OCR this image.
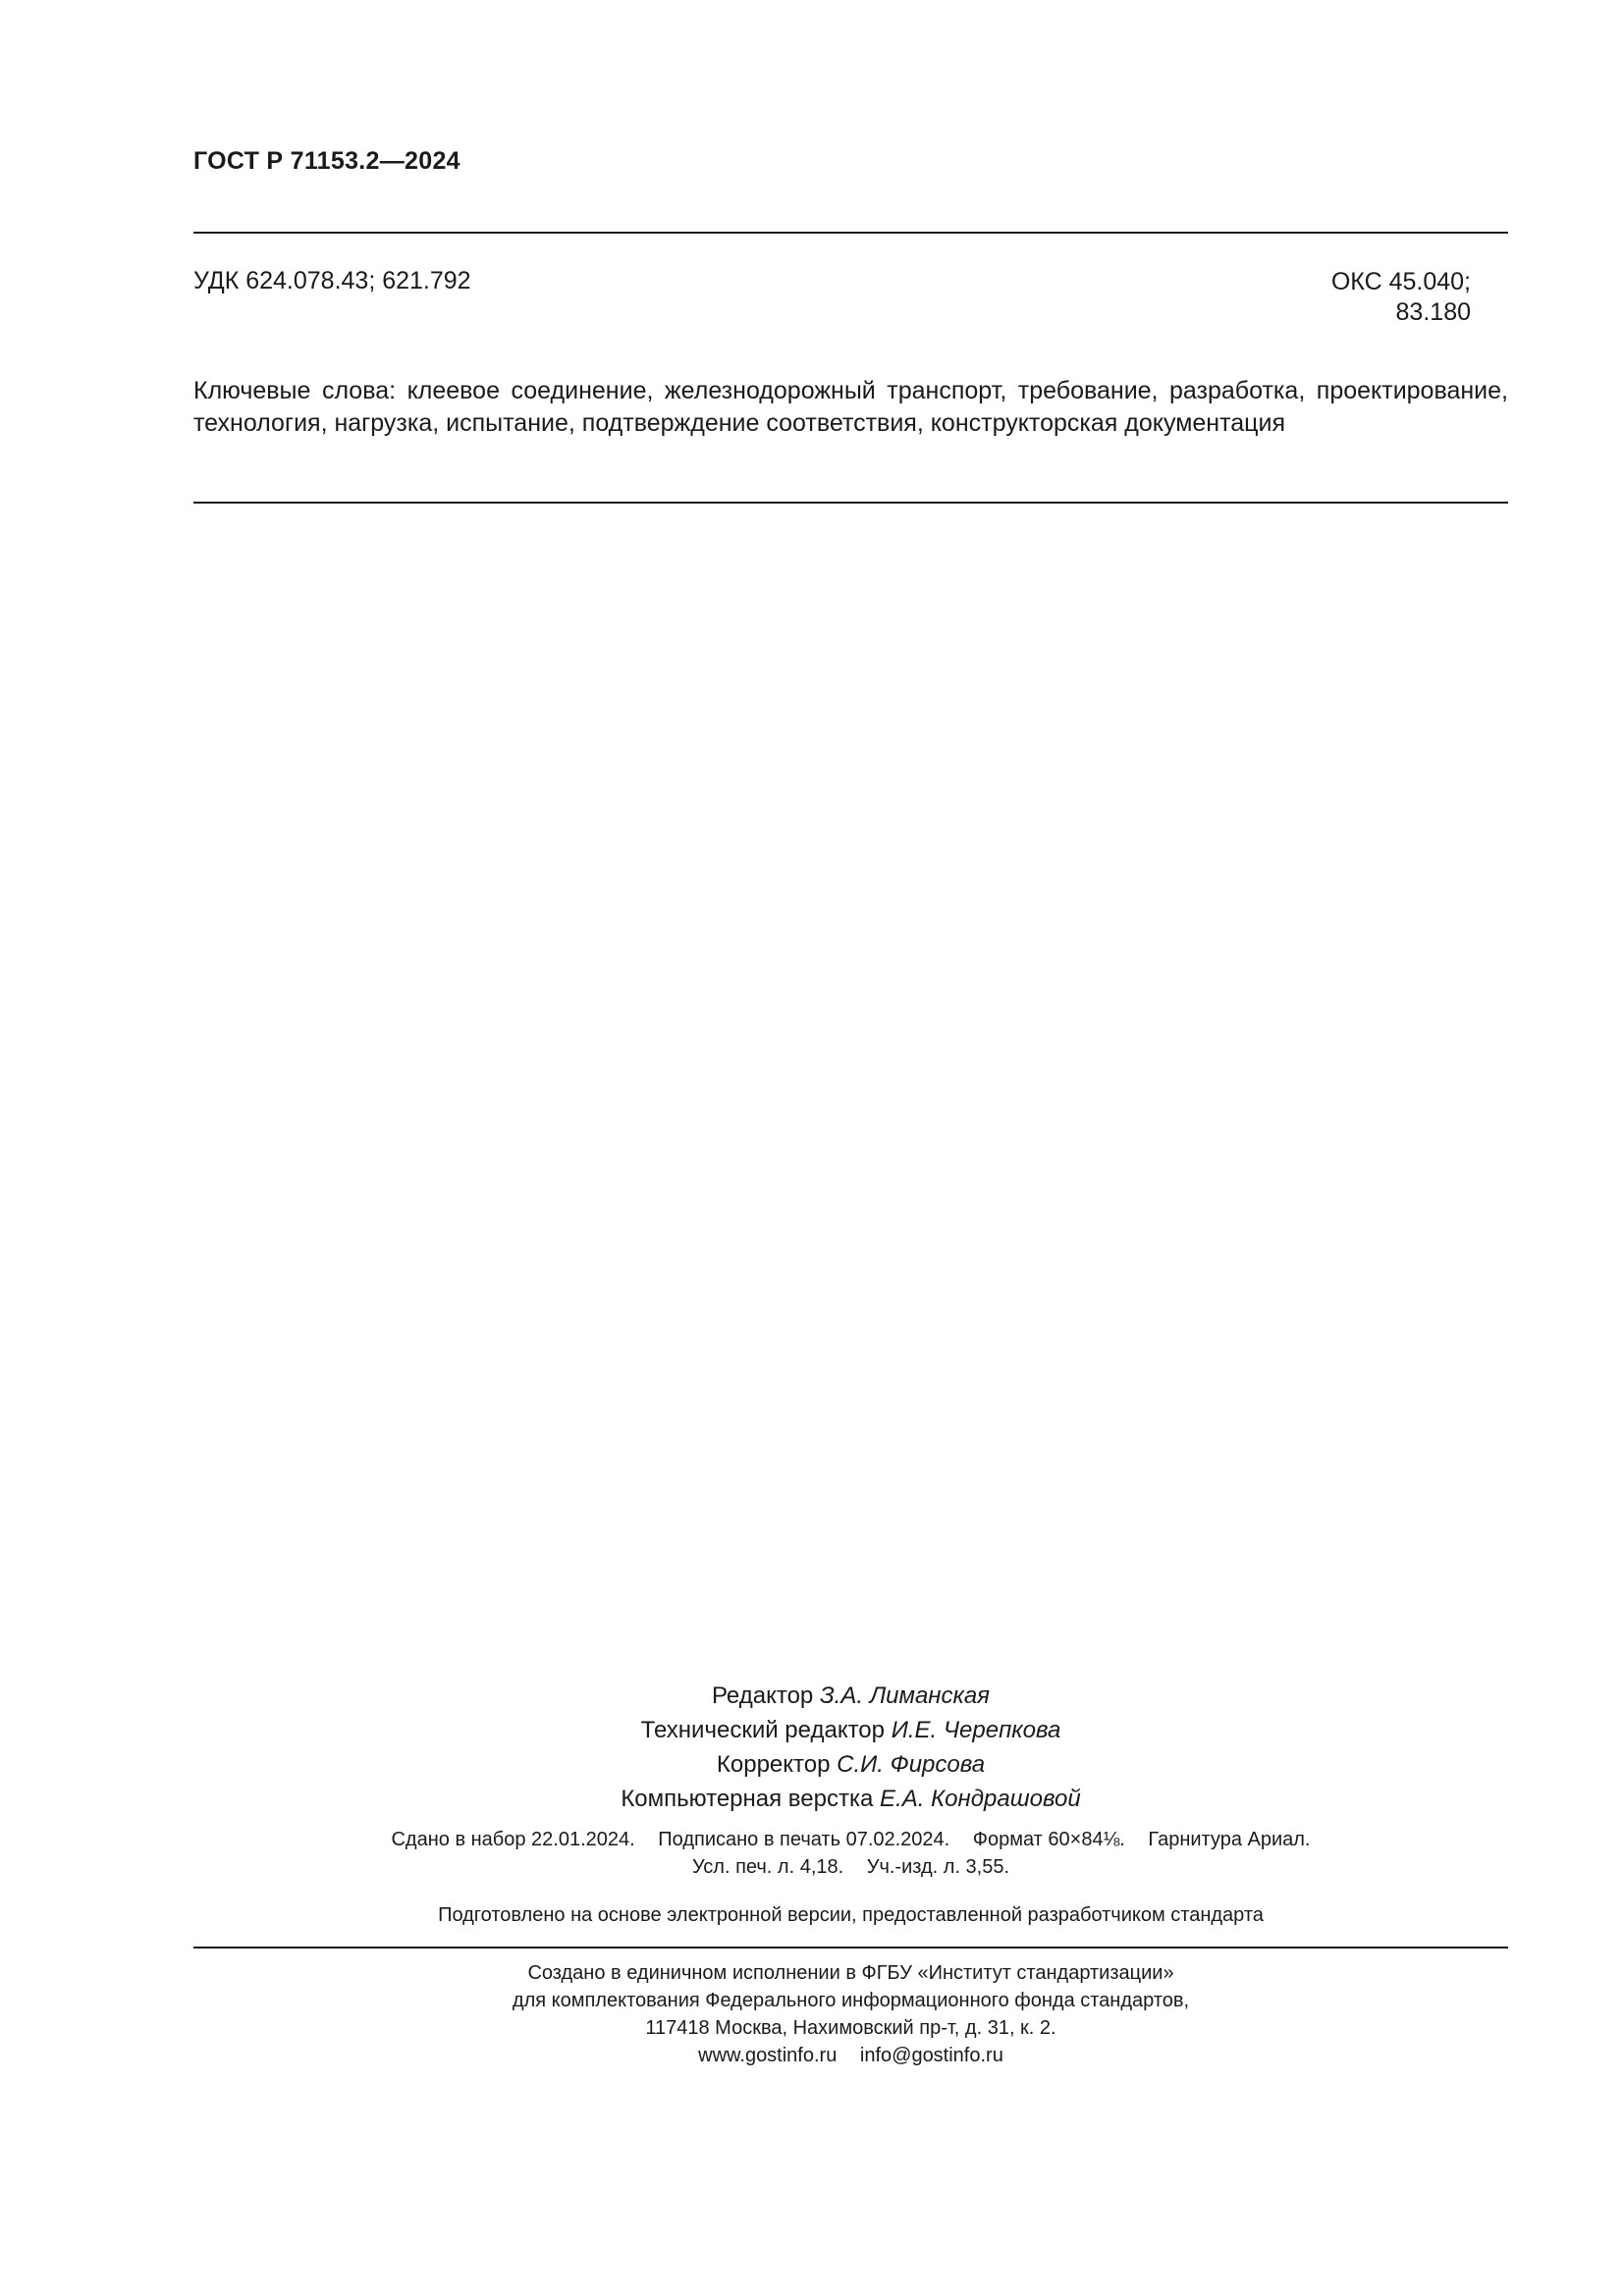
ГОСТ Р 71153.2—2024
УДК 624.078.43; 621.792	ОКС 45.040;
83.180
Ключевые слова: клеевое соединение, железнодорожный транспорт, требование, разработка, проектирование, технология, нагрузка, испытание, подтверждение соответствия, конструкторская документация
Редактор З.А. Лиманская
Технический редактор И.Е. Черепкова
Корректор С.И. Фирсова
Компьютерная верстка Е.А. Кондрашовой
Сдано в набор 22.01.2024. Подписано в печать 07.02.2024. Формат 60×84⅛. Гарнитура Ариал.
Усл. печ. л. 4,18. Уч.-изд. л. 3,55.
Подготовлено на основе электронной версии, предоставленной разработчиком стандарта
Создано в единичном исполнении в ФГБУ «Институт стандартизации»
для комплектования Федерального информационного фонда стандартов,
117418 Москва, Нахимовский пр-т, д. 31, к. 2.
www.gostinfo.ru info@gostinfo.ru
